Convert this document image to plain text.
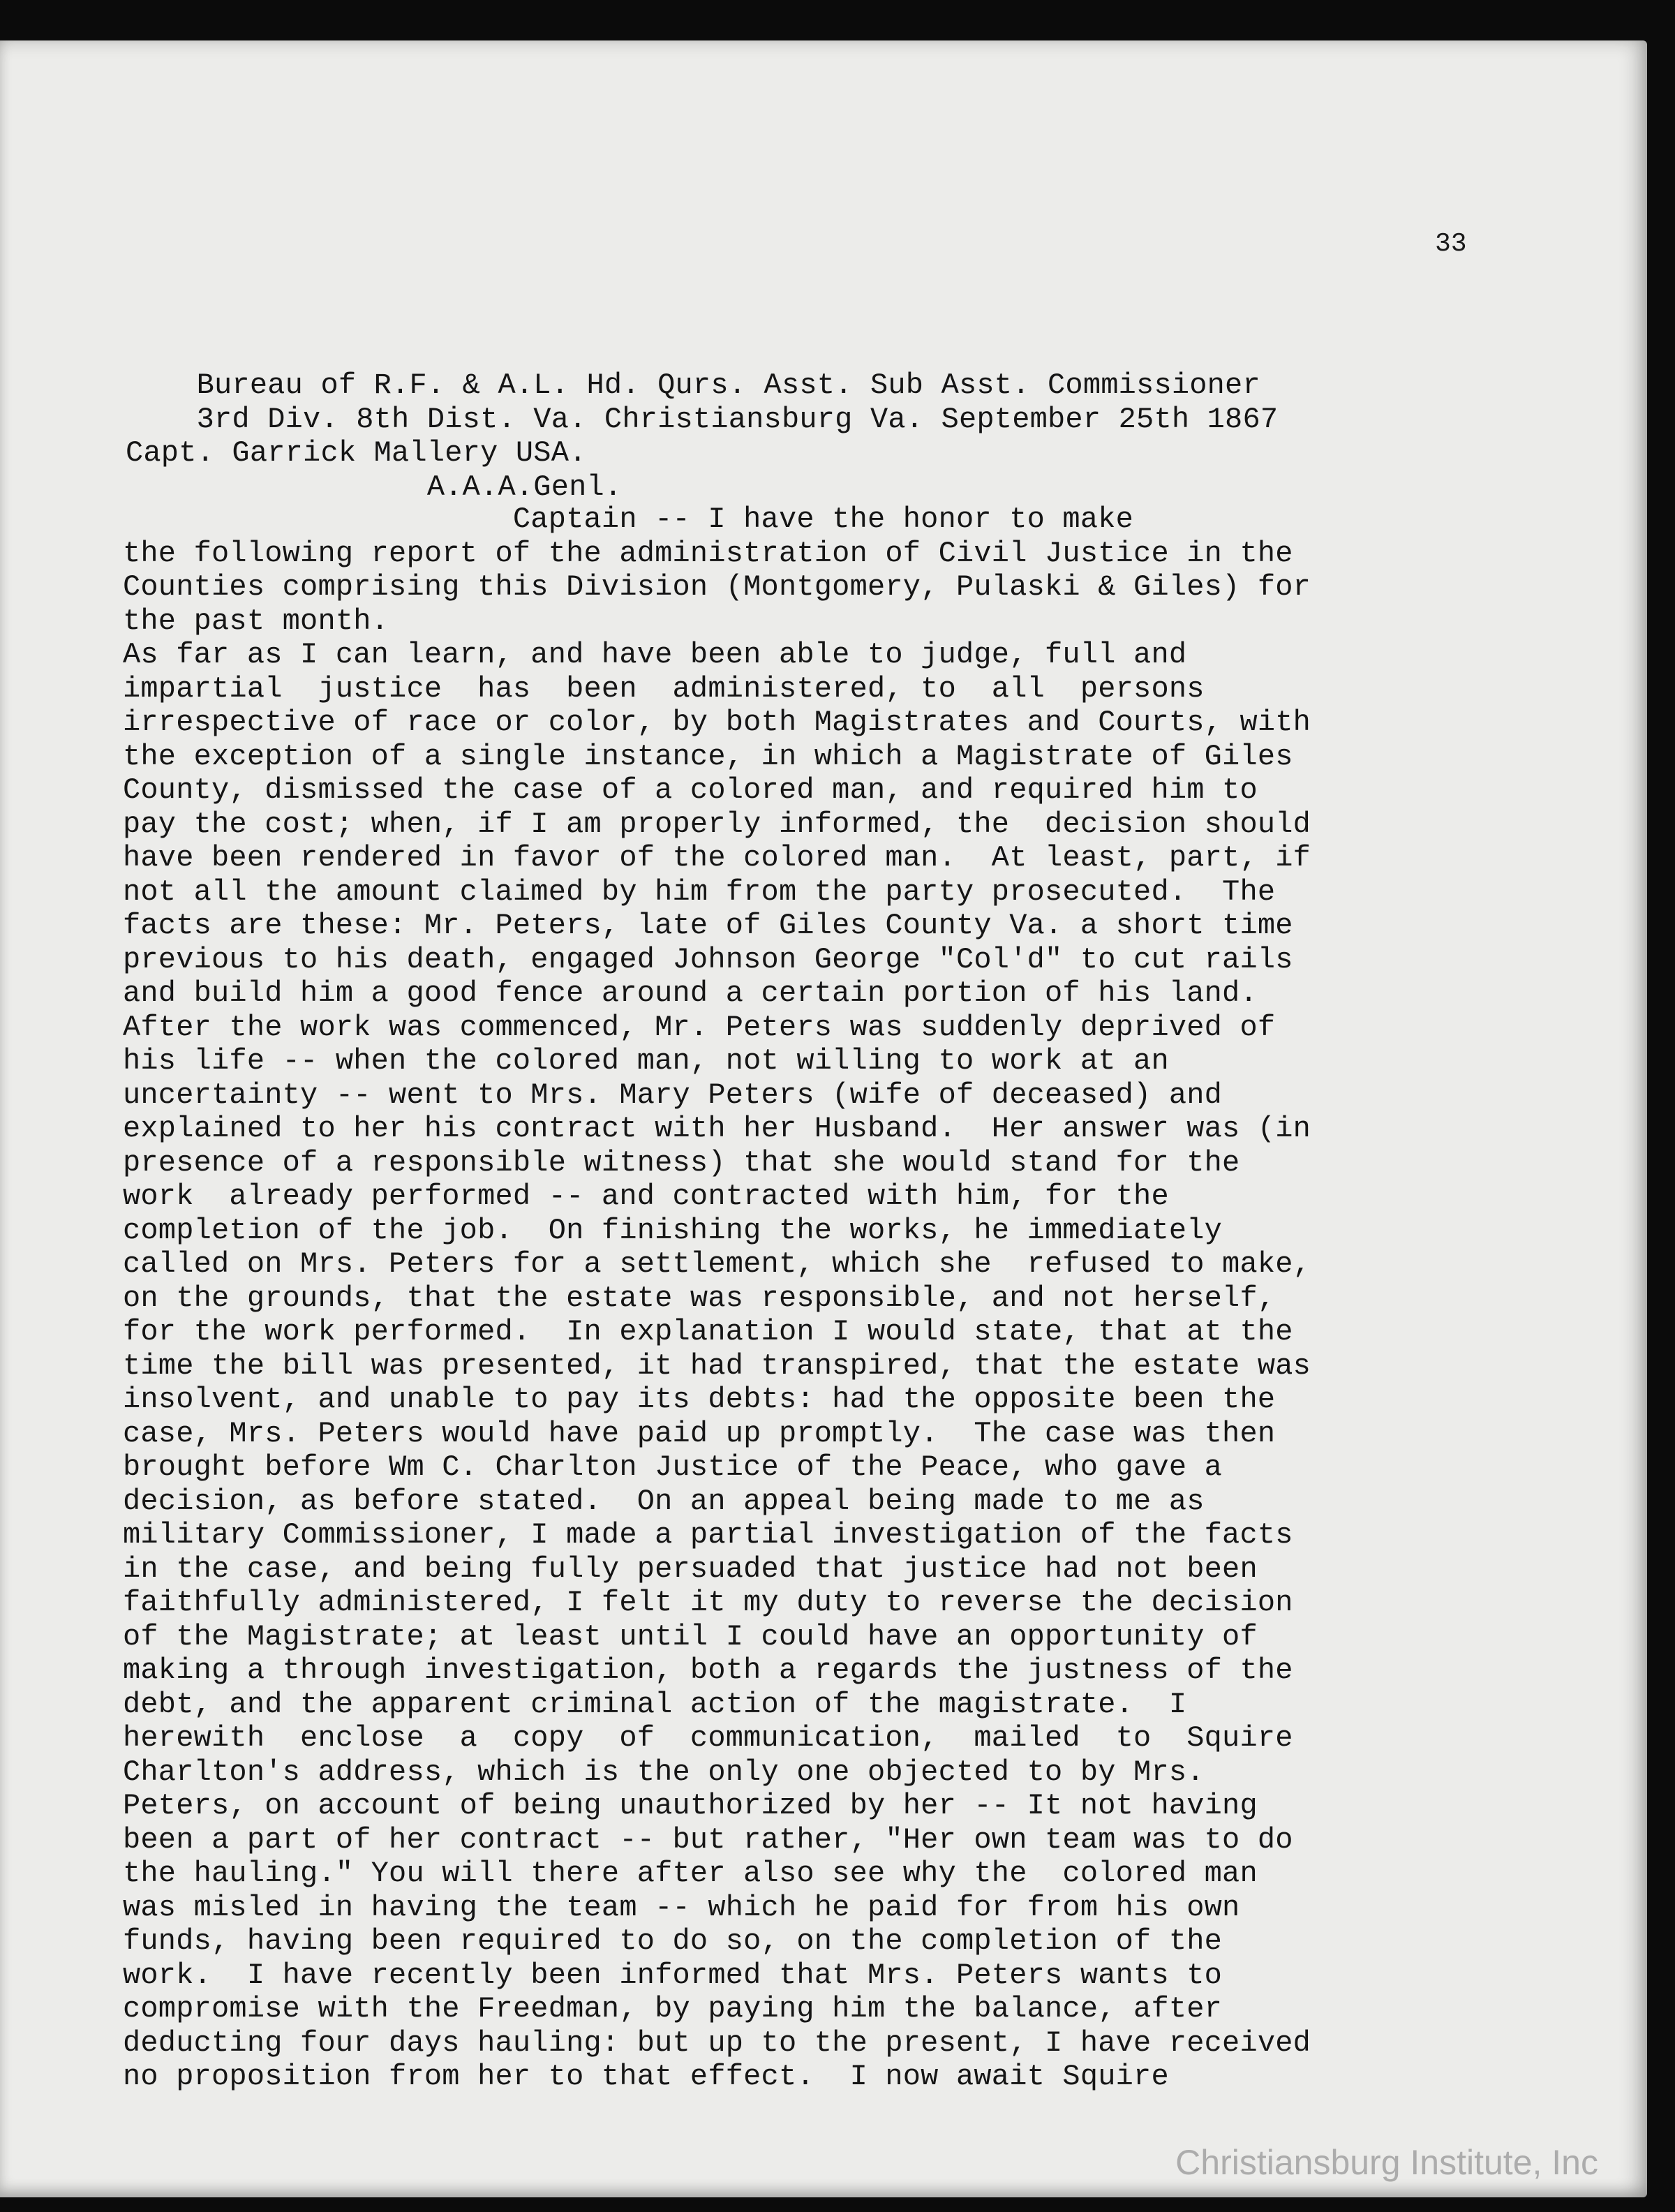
33
Bureau of R.F. & A.L. Hd. Qurs. Asst. Sub Asst. Commissioner
3rd Div. 8th Dist. Va. Christiansburg Va. September 25th 1867
Capt. Garrick Mallery USA.
A.A.A.Genl.
Captain -- I have the honor to make
the following report of the administration of Civil Justice in the
Counties comprising this Division (Montgomery, Pulaski & Giles) for
the past month.
As far as I can learn, and have been able to judge, full and
impartial  justice  has  been  administered, to  all  persons
irrespective of race or color, by both Magistrates and Courts, with
the exception of a single instance, in which a Magistrate of Giles
County, dismissed the case of a colored man, and required him to
pay the cost; when, if I am properly informed, the  decision should
have been rendered in favor of the colored man.  At least, part, if
not all the amount claimed by him from the party prosecuted.  The
facts are these: Mr. Peters, late of Giles County Va. a short time
previous to his death, engaged Johnson George "Col'd" to cut rails
and build him a good fence around a certain portion of his land.
After the work was commenced, Mr. Peters was suddenly deprived of
his life -- when the colored man, not willing to work at an
uncertainty -- went to Mrs. Mary Peters (wife of deceased) and
explained to her his contract with her Husband.  Her answer was (in
presence of a responsible witness) that she would stand for the
work  already performed -- and contracted with him, for the
completion of the job.  On finishing the works, he immediately
called on Mrs. Peters for a settlement, which she  refused to make,
on the grounds, that the estate was responsible, and not herself,
for the work performed.  In explanation I would state, that at the
time the bill was presented, it had transpired, that the estate was
insolvent, and unable to pay its debts: had the opposite been the
case, Mrs. Peters would have paid up promptly.  The case was then
brought before Wm C. Charlton Justice of the Peace, who gave a
decision, as before stated.  On an appeal being made to me as
military Commissioner, I made a partial investigation of the facts
in the case, and being fully persuaded that justice had not been
faithfully administered, I felt it my duty to reverse the decision
of the Magistrate; at least until I could have an opportunity of
making a through investigation, both a regards the justness of the
debt, and the apparent criminal action of the magistrate.  I
herewith  enclose  a  copy  of  communication,  mailed  to  Squire
Charlton's address, which is the only one objected to by Mrs.
Peters, on account of being unauthorized by her -- It not having
been a part of her contract -- but rather, "Her own team was to do
the hauling." You will there after also see why the  colored man
was misled in having the team -- which he paid for from his own
funds, having been required to do so, on the completion of the
work.  I have recently been informed that Mrs. Peters wants to
compromise with the Freedman, by paying him the balance, after
deducting four days hauling: but up to the present, I have received
no proposition from her to that effect.  I now await Squire
Christiansburg Institute, Inc
